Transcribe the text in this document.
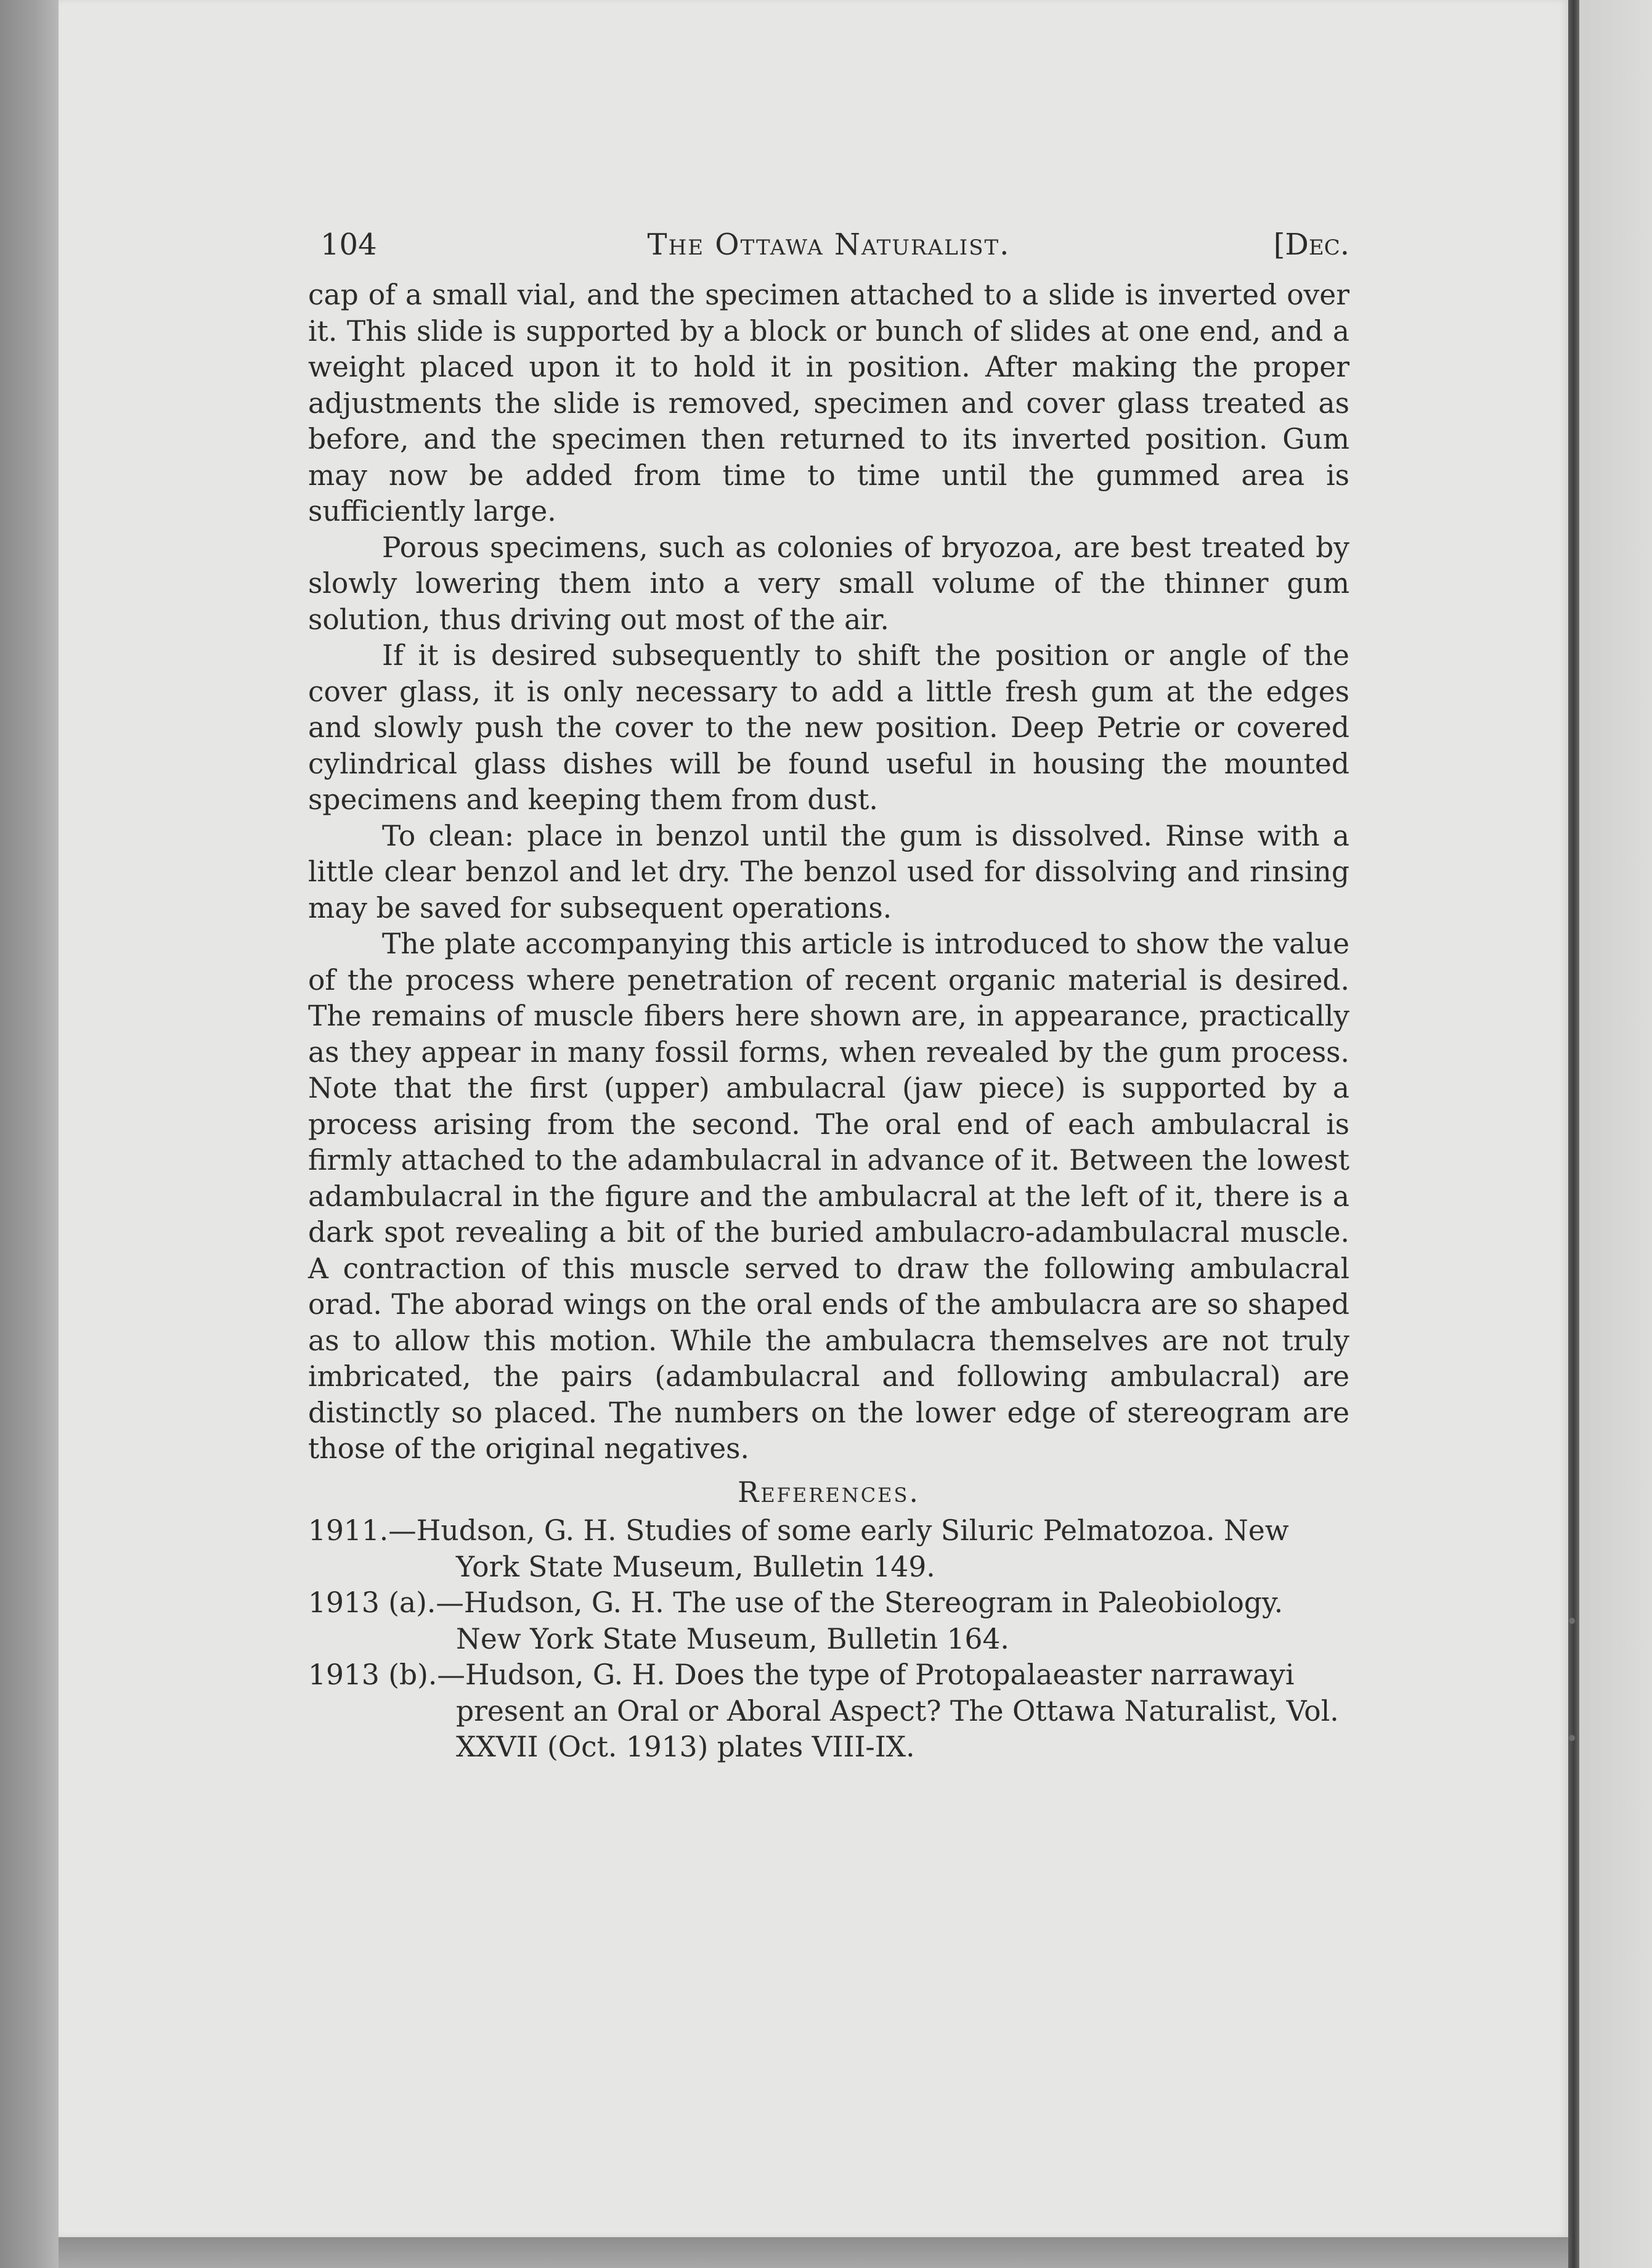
104	The Ottawa Naturalist.	[Dec.

cap of a small vial, and the specimen attached to a slide is inverted over it. This slide is supported by a block or bunch of slides at one end, and a weight placed upon it to hold it in position. After making the proper adjustments the slide is removed, specimen and cover glass treated as before, and the specimen then returned to its inverted position. Gum may now be added from time to time until the gummed area is sufficiently large.

Porous specimens, such as colonies of bryozoa, are best treated by slowly lowering them into a very small volume of the thinner gum solution, thus driving out most of the air.

If it is desired subsequently to shift the position or angle of the cover glass, it is only necessary to add a little fresh gum at the edges and slowly push the cover to the new position. Deep Petrie or covered cylindrical glass dishes will be found useful in housing the mounted specimens and keeping them from dust.

To clean: place in benzol until the gum is dissolved. Rinse with a little clear benzol and let dry. The benzol used for dissolving and rinsing may be saved for subsequent operations.

The plate accompanying this article is introduced to show the value of the process where penetration of recent organic material is desired. The remains of muscle fibers here shown are, in appearance, practically as they appear in many fossil forms, when revealed by the gum process. Note that the first (upper) ambulacral (jaw piece) is supported by a process arising from the second. The oral end of each ambulacral is firmly attached to the adambulacral in advance of it. Between the lowest adambulacral in the figure and the ambulacral at the left of it, there is a dark spot revealing a bit of the buried ambulacro-adambulacral muscle. A contraction of this muscle served to draw the following ambulacral orad. The aborad wings on the oral ends of the ambulacra are so shaped as to allow this motion. While the ambulacra themselves are not truly imbricated, the pairs (adambulacral and following ambulacral) are distinctly so placed. The numbers on the lower edge of stereogram are those of the original negatives.

References.

1911.—Hudson, G. H. Studies of some early Siluric Pelmatozoa. New York State Museum, Bulletin 149.

1913 (a).—Hudson, G. H. The use of the Stereogram in Paleobiology. New York State Museum, Bulletin 164.

1913 (b).—Hudson, G. H. Does the type of Protopalaeaster narrawayi present an Oral or Aboral Aspect? The Ottawa Naturalist, Vol. XXVII (Oct. 1913) plates VIII-IX.
